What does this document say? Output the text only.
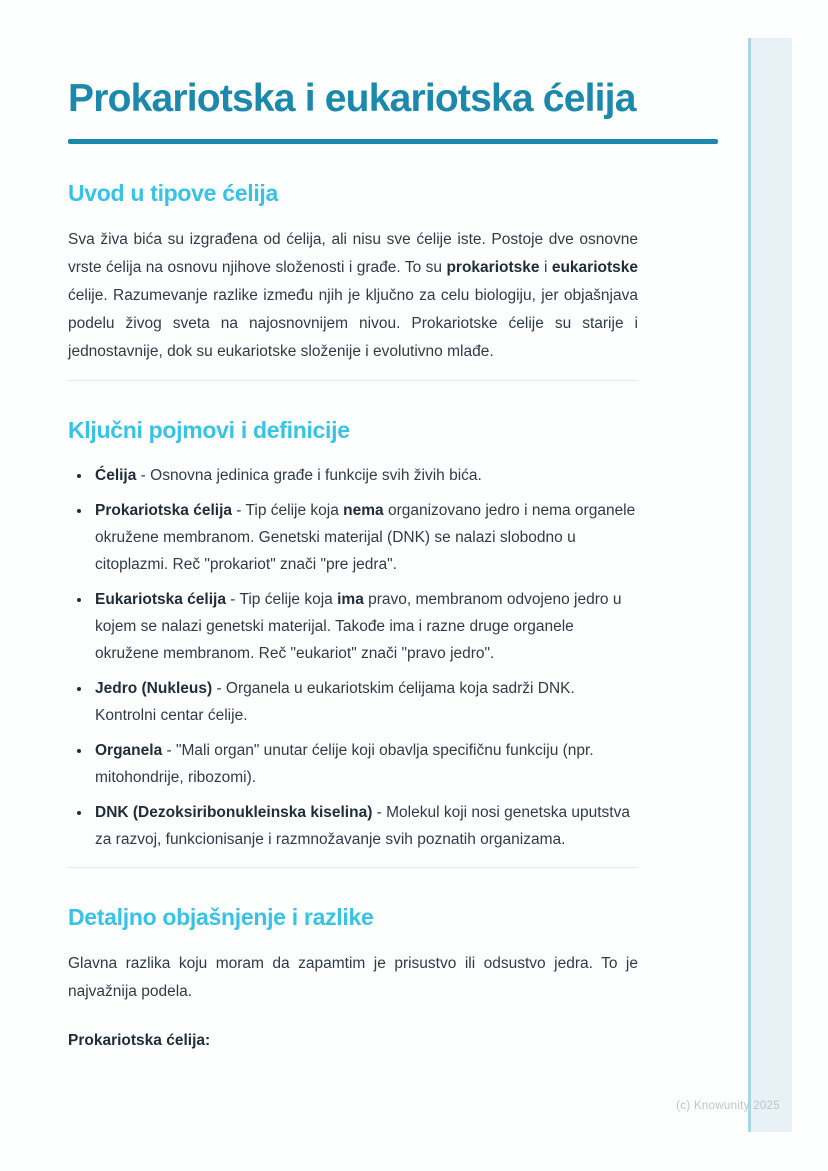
Prokariotska i eukariotska ćelija
Uvod u tipove ćelija

Sva živa bića su izgrađena od ćelija, ali nisu sve ćelije iste. Postoje dve osnovne vrste ćelija na osnovu njihove složenosti i građe. To su prokariotske i eukariotske ćelije. Razumevanje razlike između njih je ključno za celu biologiju, jer objašnjava podelu živog sveta na najosnovnijem nivou. Prokariotske ćelije su starije i jednostavnije, dok su eukariotske složenije i evolutivno mlađe.

Ključni pojmovi i definicije
• Ćelija - Osnovna jedinica građe i funkcije svih živih bića.
• Prokariotska ćelija - Tip ćelije koja nema organizovano jedro i nema organele okružene membranom. Genetski materijal (DNK) se nalazi slobodno u citoplazmi. Reč "prokariot" znači "pre jedra".
• Eukariotska ćelija - Tip ćelije koja ima pravo, membranom odvojeno jedro u kojem se nalazi genetski materijal. Takođe ima i razne druge organele okružene membranom. Reč "eukariot" znači "pravo jedro".
• Jedro (Nukleus) - Organela u eukariotskim ćelijama koja sadrži DNK. Kontrolni centar ćelije.
• Organela - "Mali organ" unutar ćelije koji obavlja specifičnu funkciju (npr. mitohondrije, ribozomi).
• DNK (Dezoksiribonukleinska kiselina) - Molekul koji nosi genetska uputstva za razvoj, funkcionisanje i razmnožavanje svih poznatih organizama.
Detaljno objašnjenje i razlike

Glavna razlika koju moram da zapamtim je prisustvo ili odsustvo jedra. To je najvažnija podela.

Prokariotska ćelija:

(c) Knowunity 2025
